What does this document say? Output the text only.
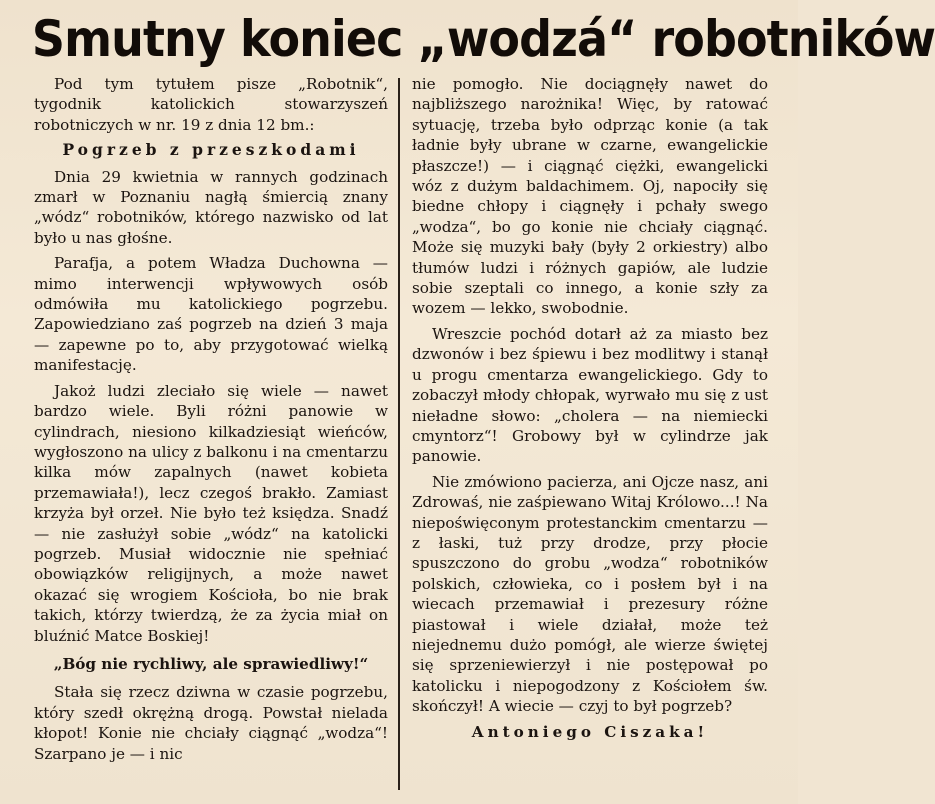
Smutny koniec „wodzá“ robotników

Pod tym tytułem pisze „Robotnik“, tygodnik katolickich stowarzyszeń robotniczych w nr. 19 z dnia 12 bm.:

Pogrzeb z przeszkodami

Dnia 29 kwietnia w rannych godzinach zmarł w Poznaniu nagłą śmiercią znany „wódz“ robotników, którego nazwisko od lat było u nas głośne.

Parafja, a potem Władza Duchowna — mimo interwencji wpływowych osób odmówiła mu katolickiego pogrzebu. Zapowiedziano zaś pogrzeb na dzień 3 maja — zapewne po to, aby przygotować wielką manifestację.

Jakoż ludzi zleciało się wiele — nawet bardzo wiele. Byli różni panowie w cylindrach, niesiono kilkadziesiąt wieńców, wygłoszono na ulicy z balkonu i na cmentarzu kilka mów zapalnych (nawet kobieta przemawiała!), lecz czegoś brakło. Zamiast krzyża był orzeł. Nie było też księdza. Snadź — nie zasłużył sobie „wódz“ na katolicki pogrzeb. Musiał widocznie nie spełniać obowiązków religijnych, a może nawet okazać się wrogiem Kościoła, bo nie brak takich, którzy twierdzą, że za życia miał on bluźnić Matce Boskiej!

„Bóg nie rychliwy, ale sprawiedliwy!“

Stała się rzecz dziwna w czasie pogrzebu, który szedł okrężną drogą. Powstał nielada kłopot! Konie nie chciały ciągnąć „wodza“! Szarpano je — i nic

nie pomogło. Nie dociągnęły nawet do najbliższego narożnika! Więc, by ratować sytuację, trzeba było odprząc konie (a tak ładnie były ubrane w czarne, ewangelickie płaszcze!) — i ciągnąć ciężki, ewangelicki wóz z dużym baldachimem. Oj, napociły się biedne chłopy i ciągnęły i pchały swego „wodza“, bo go konie nie chciały ciągnąć. Może się muzyki bały (były 2 orkiestry) albo tłumów ludzi i różnych gapiów, ale ludzie sobie szeptali co innego, a konie szły za wozem — lekko, swobodnie.

Wreszcie pochód dotarł aż za miasto bez dzwonów i bez śpiewu i bez modlitwy i stanął u progu cmentarza ewangelickiego. Gdy to zobaczył młody chłopak, wyrwało mu się z ust nieładne słowo: „cholera — na niemiecki cmyntorz“! Grobowy był w cylindrze jak panowie.

Nie zmówiono pacierza, ani Ojcze nasz, ani Zdrowaś, nie zaśpiewano Witaj Królowo...! Na niepoświęconym protestanckim cmentarzu — z łaski, tuż przy drodze, przy płocie spuszczono do grobu „wodza“ robotników polskich, człowieka, co i posłem był i na wiecach przemawiał i prezesury różne piastował i wiele działał, może też niejednemu dużo pomógł, ale wierze świętej się sprzeniewierzył i nie postępował po katolicku i niepogodzony z Kościołem św. skończył! A wiecie — czyj to był pogrzeb?

Antoniego Ciszaka!
